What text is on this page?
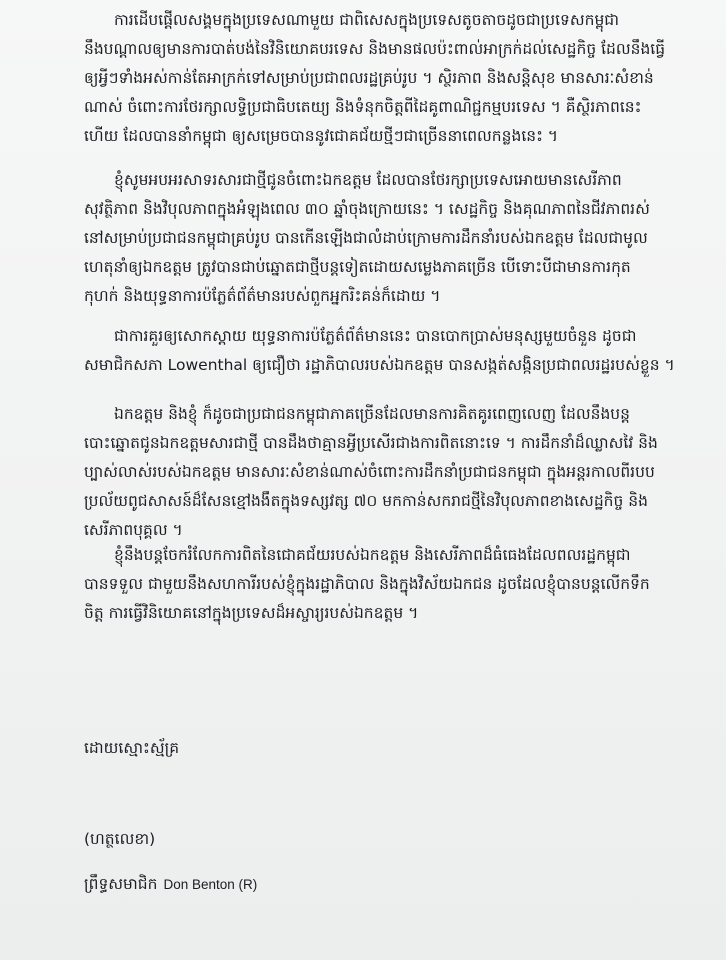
ការដើបផ្ដើលសង្គមក្នុងប្រទេសណាមួយ ជាពិសេសក្នុងប្រទេសតូចតាចដូចជាប្រទេសកម្ពុជា
នឹងបណ្ដាលឲ្យមានការបាត់បង់នៃវិនិយោគបរទេស និងមានផលប៉ះពាល់អាក្រក់ដល់សេដ្ឋកិច្ច ដែលនឹងធ្វើ
ឲ្យអ្វីៗទាំងអស់កាន់តែអាក្រក់ទៅសម្រាប់ប្រជាពលរដ្ឋគ្រប់រូប ។ ស្ថិរភាព និងសន្តិសុខ មានសារៈសំខាន់
ណាស់ ចំពោះការថែរក្សាលទ្ធិប្រជាធិបតេយ្យ និងទំនុកចិត្តពីដៃគូពាណិជ្ជកម្មបរទេស ។ គឺស្ថិរភាពនេះ
ហើយ ដែលបាននាំកម្ពុជា ឲ្យសម្រេចបាននូវជោគជ័យថ្មីៗជាច្រើននាពេលកន្លងនេះ ។

ខ្ញុំសូមអបអរសាទរសារជាថ្មីជូនចំពោះឯកឧត្ដម ដែលបានថែរក្សាប្រទេសអោយមានសេរីភាព
សុវត្ថិភាព និងវិបុលភាពក្នុងអំឡុងពេល ៣០ ឆ្នាំចុងក្រោយនេះ ។ សេដ្ឋកិច្ច និងគុណភាពនៃជីវភាពរស់
នៅសម្រាប់ប្រជាជនកម្ពុជាគ្រប់រូប បានកើនឡើងជាលំដាប់ក្រោមការដឹកនាំរបស់ឯកឧត្ដម ដែលជាមូល
ហេតុនាំឲ្យឯកឧត្ដម ត្រូវបានជាប់ឆ្នោតជាថ្មីបន្តទៀតដោយសម្លេងភាគច្រើន បើទោះបីជាមានការកុត
កុហក់ និងយុទ្ធនាការប៉ភ្លែត៌ព័ត៌មានរបស់ពួកអ្នករិះគន់ក៏ដោយ ។

ជាការគួរឲ្យសោកស្ដាយ យុទ្ធនាការប៉ភ្លែត៌ព័ត៌មាននេះ បានបោកប្រាស់មនុស្សមួយចំនួន ដូចជា
សមាជិកសភា Lowenthal ឲ្យជឿថា រដ្ឋាភិបាលរបស់ឯកឧត្ដម បានសង្កត់សង្កិនប្រជាពលរដ្ឋរបស់ខ្លួន ។

ឯកឧត្ដម និងខ្ញុំ ក៏ដូចជាប្រជាជនកម្ពុជាភាគច្រើនដែលមានការគិតគូរពេញលេញ ដែលនឹងបន្ត
បោះឆ្នោតជូនឯកឧត្ដមសារជាថ្មី បានដឹងថាគ្មានអ្វីប្រសើរជាងការពិតនោះទេ ។ ការដឹកនាំដ៏ឈ្លាសវៃ និង
ប្បាស់លាស់របស់ឯកឧត្ដម មានសារៈសំខាន់ណាស់ចំពោះការដឹកនាំប្រជាជនកម្ពុជា ក្នុងអន្តរកាលពីរបប
ប្រល័យពូជសាសន៍ដ៏សែនខ្មៅងងឹតក្នុងទស្សវត្ស ៧០ មកកាន់សករាជថ្មីនៃវិបុលភាពខាងសេដ្ឋកិច្ច និង
សេរីភាពបុគ្គល ។

ខ្ញុំនឹងបន្តចែករំលែកការពិតនៃជោគជ័យរបស់ឯកឧត្ដម និងសេរីភាពដ៏ធំធេងដែលពលរដ្ឋកម្ពុជា
បានទទួល ជាមួយនឹងសហការីរបស់ខ្ញុំក្នុងរដ្ឋាភិបាល និងក្នុងវិស័យឯកជន ដូចដែលខ្ញុំបានបន្តលើកទឹក
ចិត្ត ការធ្វើវិនិយោគនៅក្នុងប្រទេសដ៏អស្ចារ្យរបស់ឯកឧត្ដម ។

ដោយស្មោះស្ម័គ្រ
(ហត្ថលេខា)
ព្រឹទ្ធសមាជិក Don Benton (R)
